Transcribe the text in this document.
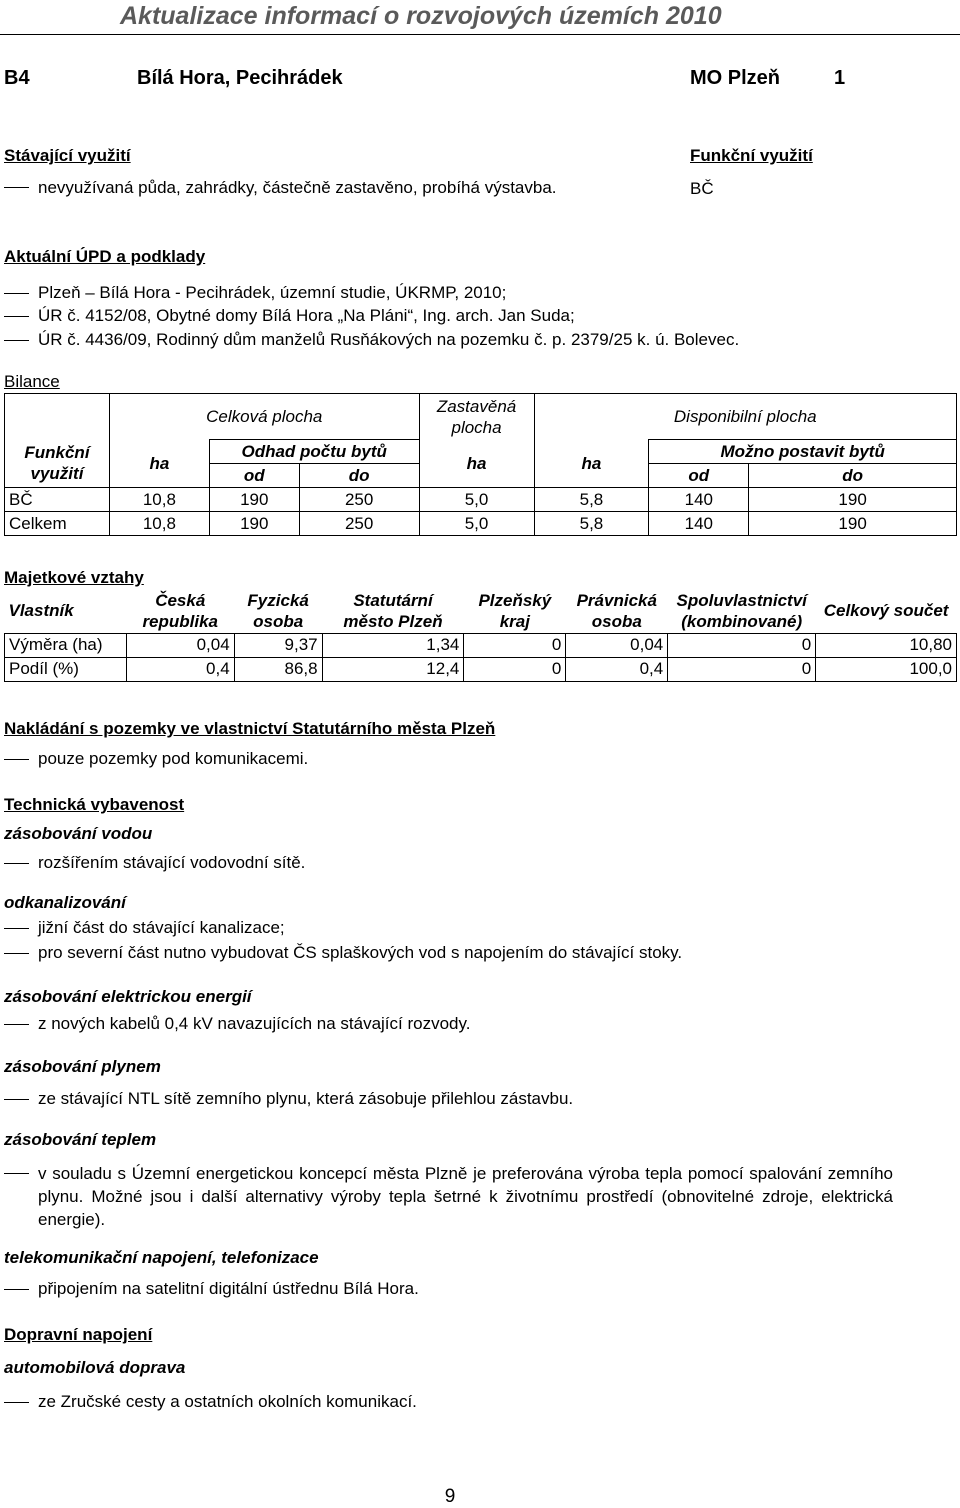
Aktualizace informací o rozvojových územích 2010
B4	Bílá Hora, Pecihrádek	MO Plzeň	1
Stávající využití
nevyužívaná půda, zahrádky, částečně zastavěno, probíhá výstavba.
Funkční využití
BČ
Aktuální ÚPD a podklady
Plzeň – Bílá Hora - Pecihrádek, územní studie, ÚKRMP, 2010;
ÚR č. 4152/08, Obytné domy Bílá Hora „Na Pláni“, Ing. arch. Jan Suda;
ÚR č. 4436/09, Rodinný dům manželů Rusňákových na pozemku č. p. 2379/25 k. ú. Bolevec.
Bilance
	Celková plocha			Zastavěná plocha	Disponibilní plocha		
Funkční využití	ha	Odhad počtu bytů		ha	ha	Možno postavit bytů	
		od	do			od	do
BČ	10,8	190	250	5,0	5,8	140	190
Celkem	10,8	190	250	5,0	5,8	140	190
Majetkové vztahy
Vlastník	Česká republika	Fyzická osoba	Statutární město Plzeň	Plzeňský kraj	Právnická osoba	Spoluvlastnictví (kombinované)	Celkový součet
Výměra (ha)	0,04	9,37	1,34	0	0,04	0	10,80
Podíl (%)	0,4	86,8	12,4	0	0,4	0	100,0
Nakládání s pozemky ve vlastnictví Statutárního města Plzeň
pouze pozemky pod komunikacemi.
Technická vybavenost
zásobování vodou
rozšířením stávající vodovodní sítě.
odkanalizování
jižní část do stávající kanalizace;
pro severní část nutno vybudovat ČS splaškových vod s napojením do stávající stoky.
zásobování elektrickou energií
z nových kabelů 0,4 kV navazujících na stávající rozvody.
zásobování plynem
ze stávající NTL sítě zemního plynu, která zásobuje přilehlou zástavbu.
zásobování teplem
v souladu s Územní energetickou koncepcí města Plzně je preferována výroba tepla pomocí spalování zemního plynu. Možné jsou i další alternativy výroby tepla šetrné k životnímu prostředí (obnovitelné zdroje, elektrická energie).
telekomunikační napojení, telefonizace
připojením na satelitní digitální ústřednu Bílá Hora.
Dopravní napojení
automobilová doprava
ze Zručské cesty a ostatních okolních komunikací.
9
